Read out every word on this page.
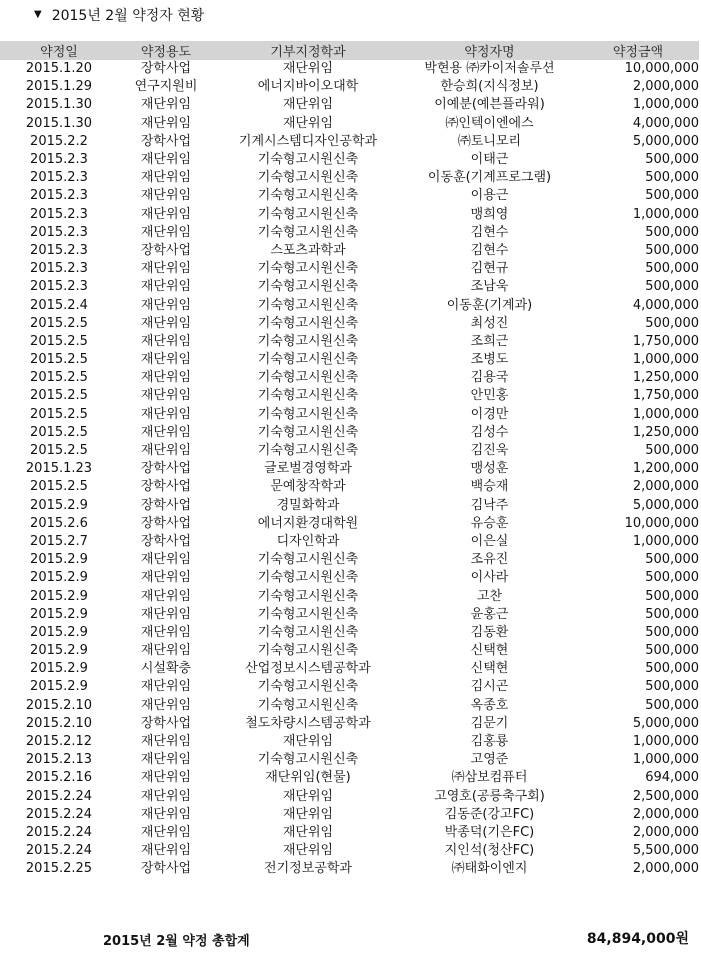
▼ 2015년 2월 약정자 현황
약정일	약정용도	기부지정학과	약정자명	약정금액
2015.1.20	장학사업	재단위임	박현용 ㈜카이저솔루션	10,000,000
2015.1.29	연구지원비	에너지바이오대학	한승희(지식정보)	2,000,000
2015.1.30	재단위임	재단위임	이예분(예븐플라워)	1,000,000
2015.1.30	재단위임	재단위임	㈜인텍이엔에스	4,000,000
2015.2.2	장학사업	기계시스템디자인공학과	㈜토니모리	5,000,000
2015.2.3	재단위임	기숙형고시원신축	이태근	500,000
2015.2.3	재단위임	기숙형고시원신축	이동훈(기계프로그램)	500,000
2015.2.3	재단위임	기숙형고시원신축	이용근	500,000
2015.2.3	재단위임	기숙형고시원신축	맹희영	1,000,000
2015.2.3	재단위임	기숙형고시원신축	김현수	500,000
2015.2.3	장학사업	스포츠과학과	김현수	500,000
2015.2.3	재단위임	기숙형고시원신축	김현규	500,000
2015.2.3	재단위임	기숙형고시원신축	조남욱	500,000
2015.2.4	재단위임	기숙형고시원신축	이동훈(기계과)	4,000,000
2015.2.5	재단위임	기숙형고시원신축	최성진	500,000
2015.2.5	재단위임	기숙형고시원신축	조희근	1,750,000
2015.2.5	재단위임	기숙형고시원신축	조병도	1,000,000
2015.2.5	재단위임	기숙형고시원신축	김용국	1,250,000
2015.2.5	재단위임	기숙형고시원신축	안민홍	1,750,000
2015.2.5	재단위임	기숙형고시원신축	이경만	1,000,000
2015.2.5	재단위임	기숙형고시원신축	김성수	1,250,000
2015.2.5	재단위임	기숙형고시원신축	김진욱	500,000
2015.1.23	장학사업	글로벌경영학과	맹성훈	1,200,000
2015.2.5	장학사업	문예창작학과	백승재	2,000,000
2015.2.9	장학사업	경밀화학과	김낙주	5,000,000
2015.2.6	장학사업	에너지환경대학원	유승훈	10,000,000
2015.2.7	장학사업	디자인학과	이은실	1,000,000
2015.2.9	재단위임	기숙형고시원신축	조유진	500,000
2015.2.9	재단위임	기숙형고시원신축	이사라	500,000
2015.2.9	재단위임	기숙형고시원신축	고찬	500,000
2015.2.9	재단위임	기숙형고시원신축	윤홍근	500,000
2015.2.9	재단위임	기숙형고시원신축	김동환	500,000
2015.2.9	재단위임	기숙형고시원신축	신택현	500,000
2015.2.9	시설확충	산업정보시스템공학과	신택현	500,000
2015.2.9	재단위임	기숙형고시원신축	김시곤	500,000
2015.2.10	재단위임	기숙형고시원신축	옥종호	500,000
2015.2.10	장학사업	철도차량시스템공학과	김문기	5,000,000
2015.2.12	재단위임	재단위임	김홍룡	1,000,000
2015.2.13	재단위임	기숙형고시원신축	고영준	1,000,000
2015.2.16	재단위임	재단위임(현물)	㈜삼보컴퓨터	694,000
2015.2.24	재단위임	재단위임	고영호(공릉축구회)	2,500,000
2015.2.24	재단위임	재단위임	김동준(강고FC)	2,000,000
2015.2.24	재단위임	재단위임	박종덕(기은FC)	2,000,000
2015.2.24	재단위임	재단위임	지인석(청산FC)	5,500,000
2015.2.25	장학사업	전기정보공학과	㈜태화이엔지	2,000,000
2015년 2월 약정 총합계	84,894,000원
